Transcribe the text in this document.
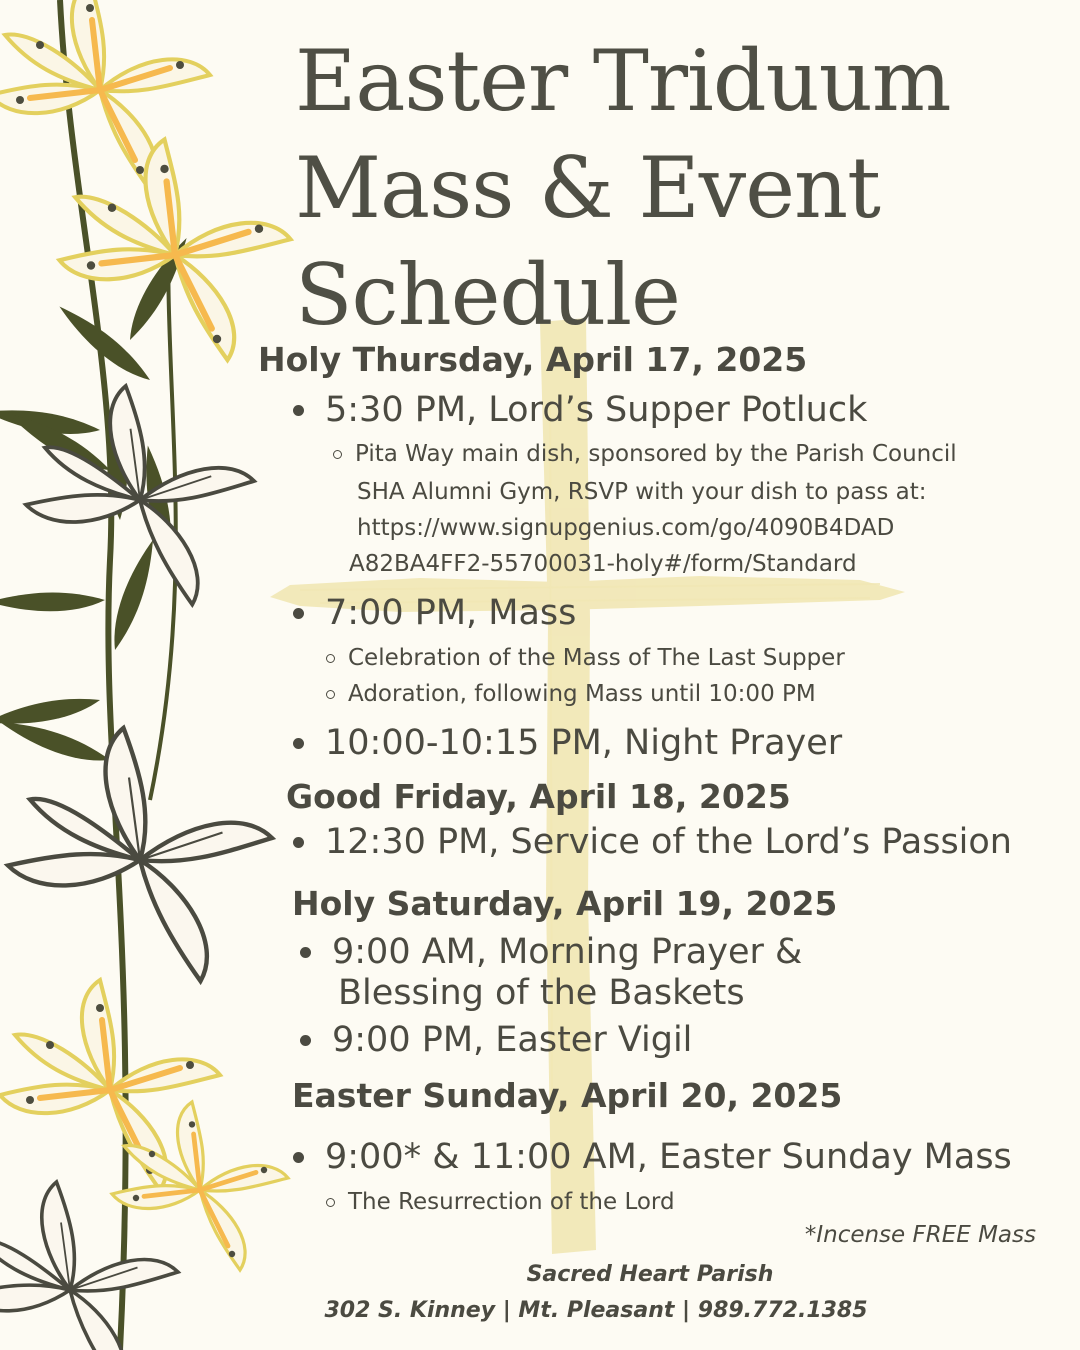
Easter Triduum
Mass & Event
Schedule
Holy Thursday, April 17, 2025
5:30 PM, Lord’s Supper Potluck
Pita Way main dish, sponsored by the Parish Council
SHA Alumni Gym, RSVP with your dish to pass at:
https://www.signupgenius.com/go/4090B4DAD
A82BA4FF2-55700031-holy#/form/Standard
7:00 PM, Mass
Celebration of the Mass of The Last Supper
Adoration, following Mass until 10:00 PM
10:00-10:15 PM, Night Prayer
Good Friday, April 18, 2025
12:30 PM, Service of the Lord’s Passion
Holy Saturday, April 19, 2025
9:00 AM, Morning Prayer &
Blessing of the Baskets
9:00 PM, Easter Vigil
Easter Sunday, April 20, 2025
9:00* & 11:00 AM, Easter Sunday Mass
The Resurrection of the Lord
*Incense FREE Mass
Sacred Heart Parish
302 S. Kinney | Mt. Pleasant | 989.772.1385
